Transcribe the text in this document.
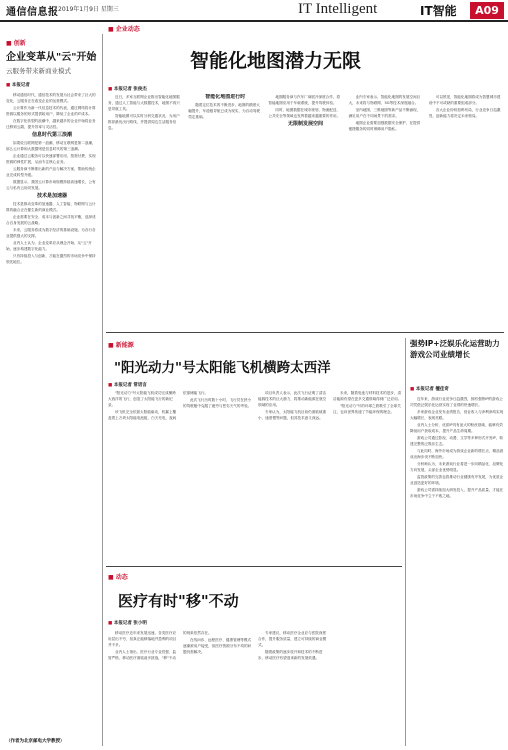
通信信息报 2019年1月9日 星期三	IT Intelligent	IT智能	A09
■ 创新
企业变革从"云"开始
云服务带来新商业模式
■ 本报记者

移动通信时代，通信技术的发展为社会带来了巨大的变化，云服务正在改变企业的运营模式。

云计算作为新一代信息技术的代表，通过网络将计算资源以服务的形式提供给用户，降低了企业的IT成本。

在数字化转型的浪潮中，越来越多的企业开始将业务迁移到云端，提升效率与灵活性。

信息时代第三浪潮

如果说互联网是第一浪潮，移动互联网是第二浪潮，那么云计算和大数据则是信息时代的第三浪潮。

企业通过云服务可以快速部署应用，按需付费，实现资源的弹性扩展，从而专注核心业务。

云服务商不断推出新的产品与解决方案，帮助传统企业完成转型升级。

数据显示，我国云计算市场规模持续高速增长，公有云与私有云协同发展。

技术是加速器

技术是推动变革的加速器，人工智能、物联网与云计算的融合正在催生新的商业模式。

企业需要在安全、成本与创新之间寻找平衡，选择适合自身发展的云战略。

未来，云服务将成为数字经济的基础设施，为各行各业提供强大的支撑。

业内人士认为，企业变革应从理念开始，从"云"开始，逐步构建数字化能力。

只有持续投入与创新，才能在激烈的市场竞争中保持领先地位。

（作者为北京邮电大学教授）
■ 企业动态
智能化地图潜力无限
■ 本报记者 张俊杰

近日，多家互联网企业推出智能化地图服务，通过人工智能与大数据技术，地图不再只是导航工具。

智能地图可以实时分析交通状况，为用户推荐最优出行路线，并提供周边生活服务信息。

智能化地图进行时

随着定位技术的不断进步，地图的精度大幅提升，车道级导航已成为现实，为自动驾驶奠定基础。

地图服务商与汽车厂商展开深度合作，将智能地图应用于车载系统，提升驾驶体验。

同时，地图数据在城市规划、物流配送、公共安全等领域也发挥着越来越重要的作用。

无限制发展空间

业内专家表示，智能化地图的发展空间巨大，未来将与物联网、5G等技术深度融合。

室内地图、三维地图等新产品不断涌现，满足用户在不同场景下的需求。

地图企业需要加强数据安全保护，在提供便捷服务的同时保障用户隐私。

可以预见，智能化地图将成为智慧城市建设中不可或缺的重要组成部分。

各大企业纷纷加码布局，行业竞争日趋激烈，创新能力将决定未来格局。

■ 新能源
"阳光动力"号太阳能飞机横跨太西洋
■ 本报记者 常语言

"阳光动力"号太阳能飞机成功完成横跨大西洋的飞行，创造了太阳能飞行的新纪录。

该飞机完全依靠太阳能驱动，机翼上覆盖着上万块太阳能电池板，白天充电，夜间依靠储能飞行。

此次飞行历时数十小时，飞行员在狭小的驾驶舱中克服了疲劳与恶劣天气的考验。

项目负责人表示，此次飞行证明了清洁能源技术的巨大潜力，将推动新能源在航空领域的应用。

专家认为，太阳能飞机目前仍面临载重小、速度慢等问题，但其技术意义深远。

未来，随着电池与材料技术的进步，清洁能源有望在更多交通领域得到广泛应用。

"阳光动力"号的环球之旅吸引了全球关注，也向世界传递了节能环保的理念。

强势IP+泛娱乐化运营助力游戏公司业绩增长
■ 本报记者 檀佳奇

近年来，游戏行业竞争日趋激烈，拥有强势IP的游戏公司凭借泛娱乐化运营实现了业绩的快速增长。

多家游戏企业发布业绩报告，营业收入与净利润均实现大幅增长，表现亮眼。

业内人士分析，优质IP具有庞大的粉丝基础，能够有效降低用户获取成本，提升产品生命周期。

游戏公司通过影视、动漫、文学等多种形式开发IP，构建完整的泛娱乐生态。

与此同时，海外市场成为游戏企业新的增长点，精品游戏出海步伐不断加快。

分析师认为，未来游戏行业将进一步向精品化、品牌化方向发展，头部企业优势明显。

监管政策的完善也将推动行业健康有序发展，为优质企业创造更好的环境。

游戏公司需持续加大研发投入，提升产品质量，才能在市场竞争中立于不败之地。

■ 动态
医疗有时"移"不动
■ 本报记者 张小明

移动医疗近年来发展迅速，各类医疗应用层出不穷，但真正能够落地并盈利的项目并不多。

业内人士指出，医疗行业专业性强、监管严格，移动医疗面临诸多挑战，"移"不动的现象依然存在。

在线问诊、远程医疗、健康管理等模式逐渐被用户接受，但医疗资源分布不均的问题仍需解决。

专家建议，移动医疗企业应与医院深度合作，提升服务质量，建立可持续的商业模式。

随着政策的逐步放开和技术的不断进步，移动医疗有望迎来新的发展机遇。
